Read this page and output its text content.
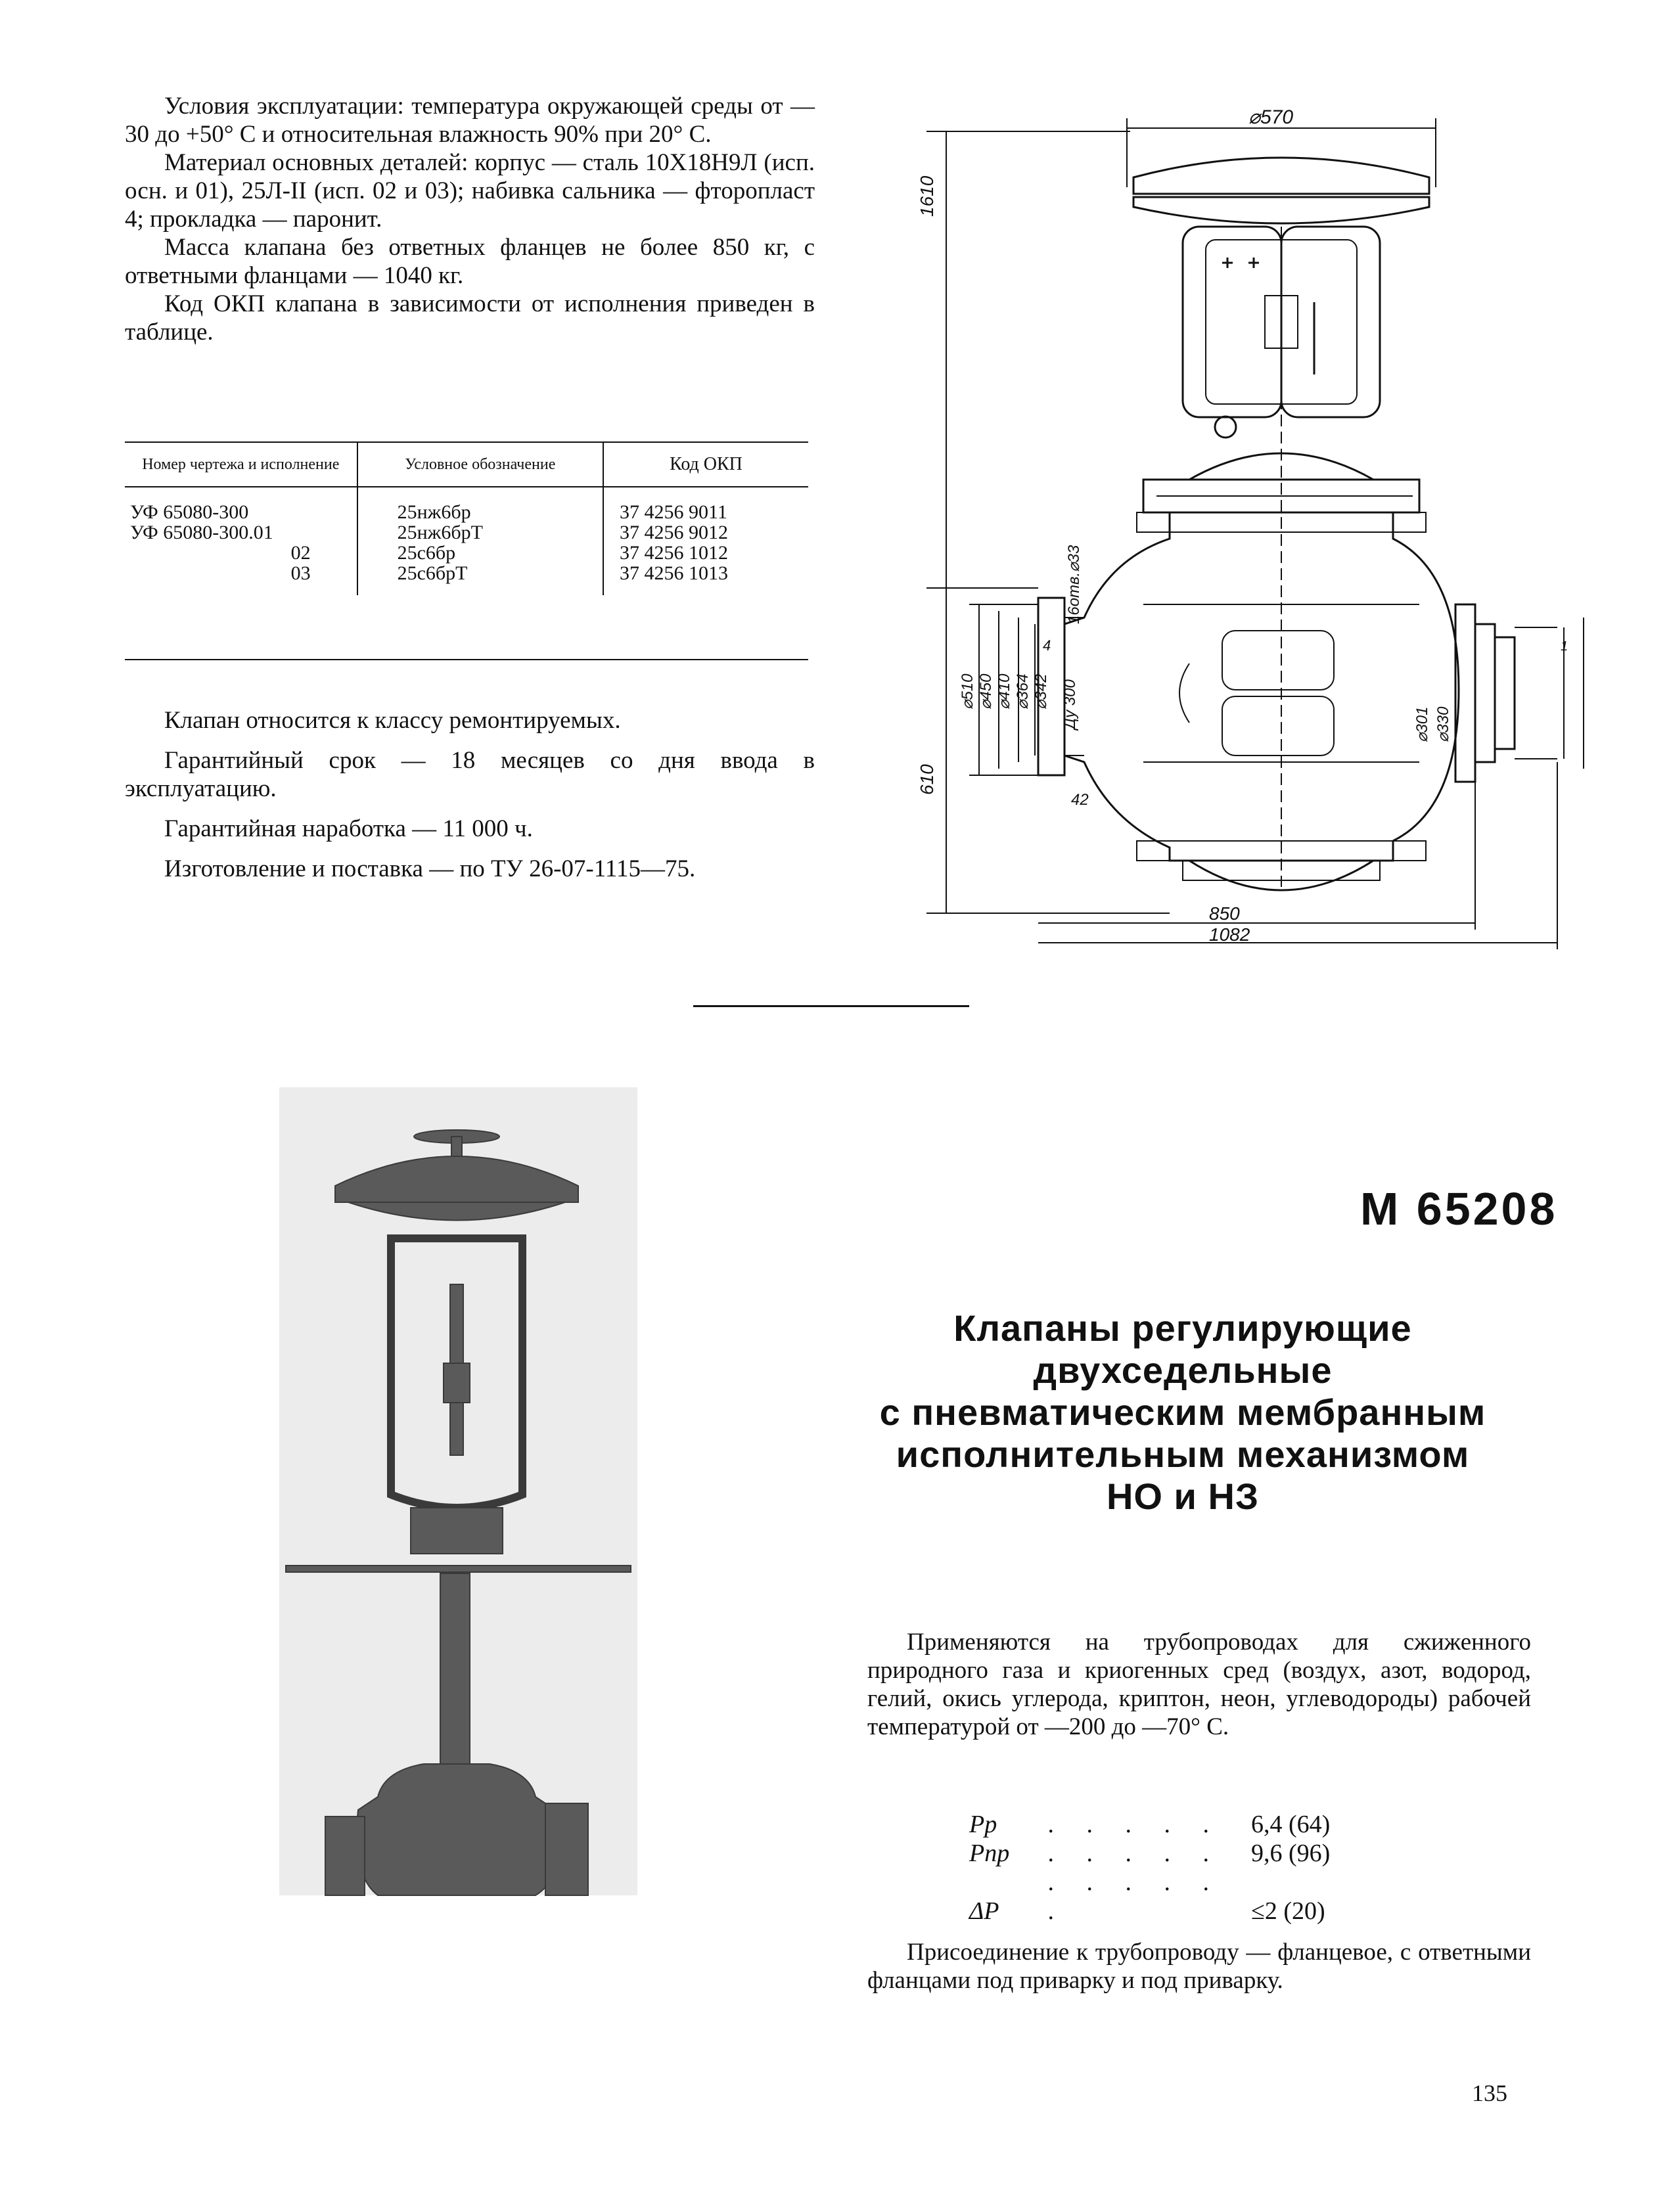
Условия эксплуатации: температура окружающей среды от —30 до +50° С и относительная влажность 90% при 20° С.

Материал основных деталей: корпус — сталь 10Х18Н9Л (исп. осн. и 01), 25Л-II (исп. 02 и 03); набивка сальника — фторопласт 4; прокладка — паронит.

Масса клапана без ответных фланцев не более 850 кг, с ответными фланцами — 1040 кг.

Код ОКП клапана в зависимости от исполнения приведен в таблице.

Номер чертежа и исполнение	Условное обозначение	Код ОКП
УФ 65080-300	25нж6бр	37 4256 9011
УФ 65080-300.01	25нж6брТ	37 4256 9012
02	25с6бр	37 4256 1012
03	25с6брТ	37 4256 1013

Клапан относится к классу ремонтируемых.

Гарантийный срок — 18 месяцев со дня ввода в эксплуатацию.

Гарантийная наработка — 11 000 ч.

Изготовление и поставка — по ТУ 26-07-1115—75.

⌀570
1610
610
⌀510 ⌀450 ⌀410 ⌀364 ⌀342 Ду 300
16отв.⌀33
4
42
1
850
1082
⌀301 ⌀330
М 65208

Клапаны регулирующие

двухседельные

с пневматическим мембранным

исполнительным механизмом

НО и НЗ

Применяются на трубопроводах для сжиженного природного газа и криогенных сред (воздух, азот, водород, гелий, окись углерода, криптон, неон, углеводороды) рабочей температурой от —200 до —70° С.

Pр . . . . . 6,4 (64)
Pпр . . . . . 9,6 (96)
ΔP . . . . . .	≤2 (20)

Присоединение к трубопроводу — фланцевое, с ответными фланцами под приварку и под приварку.

135
